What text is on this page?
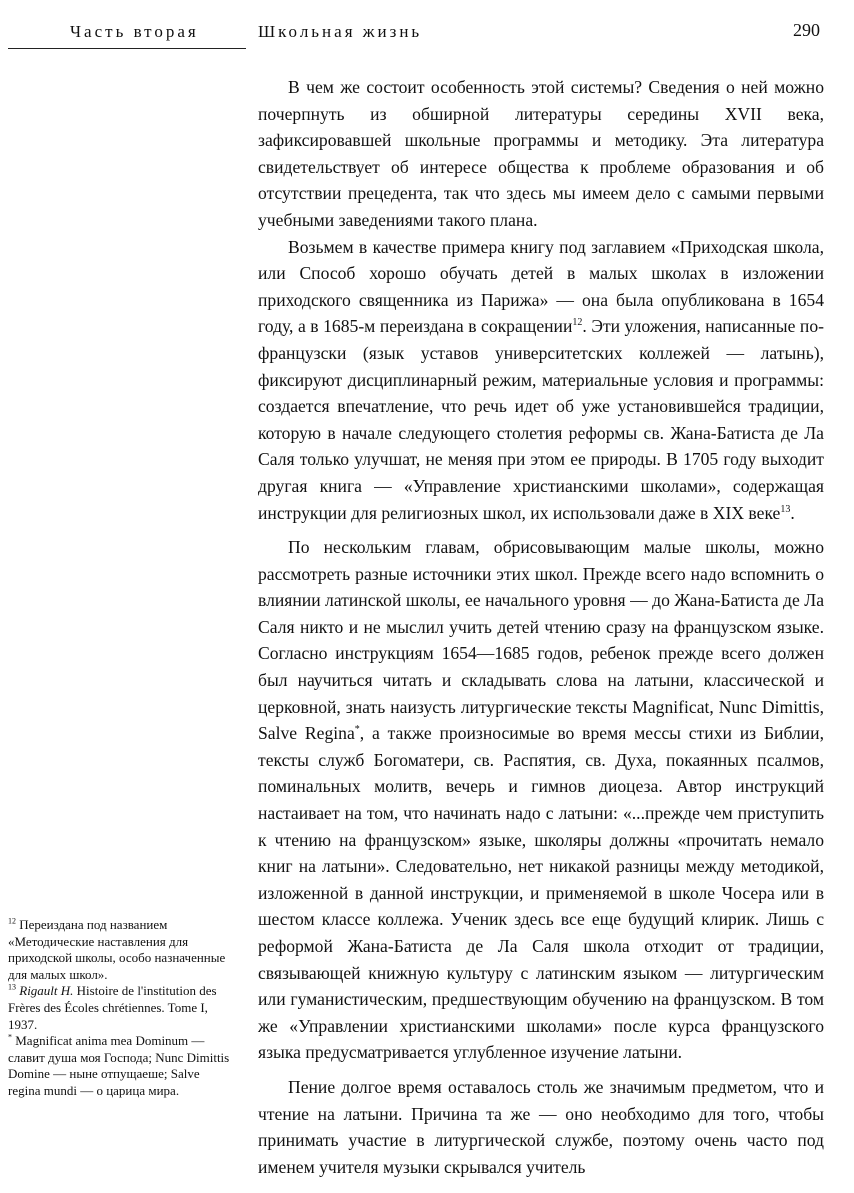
Часть вторая	Школьная жизнь	290

В чем же состоит особенность этой системы? Сведения о ней можно почерпнуть из обширной литературы середины XVII века, зафиксировавшей школьные программы и методику. Эта литература свидетельствует об интересе общества к проблеме образования и об отсутствии прецедента, так что здесь мы имеем дело с самыми первыми учебными заведениями такого плана.

Возьмем в качестве примера книгу под заглавием «Приходская школа, или Способ хорошо обучать детей в малых школах в изложении приходского священника из Парижа» — она была опубликована в 1654 году, а в 1685-м переиздана в сокращении$^{12}$. Эти уложения, написанные по-французски (язык уставов университетских коллежей — латынь), фиксируют дисциплинарный режим, материальные условия и программы: создается впечатление, что речь идет об уже установившейся традиции, которую в начале следующего столетия реформы св. Жана-Батиста де Ла Саля только улучшат, не меняя при этом ее природы. В 1705 году выходит другая книга — «Управление христианскими школами», содержащая инструкции для религиозных школ, их использовали даже в XIX веке$^{13}$.

По нескольким главам, обрисовывающим малые школы, можно рассмотреть разные источники этих школ. Прежде всего надо вспомнить о влиянии латинской школы, ее начального уровня — до Жана-Батиста де Ла Саля никто и не мыслил учить детей чтению сразу на французском языке. Согласно инструкциям 1654—1685 годов, ребенок прежде всего должен был научиться читать и складывать слова на латыни, классической и церковной, знать наизусть литургические тексты Magnificat, Nunc Dimittis, Salve Regina*, а также произносимые во время мессы стихи из Библии, тексты служб Богоматери, св. Распятия, св. Духа, покаянных псалмов, поминальных молитв, вечерь и гимнов диоцеза. Автор инструкций настаивает на том, что начинать надо с латыни: «...прежде чем приступить к чтению на французском» языке, школяры должны «прочитать немало книг на латыни». Следовательно, нет никакой разницы между методикой, изложенной в данной инструкции, и применяемой в школе Чосера или в шестом классе коллежа. Ученик здесь все еще будущий клирик. Лишь с реформой Жана-Батиста де Ла Саля школа отходит от традиции, связывающей книжную культуру с латинским языком — литургическим или гуманистическим, предшествующим обучению на французском. В том же «Управлении христианскими школами» после курса французского языка предусматривается углубленное изучение латыни.

Пение долгое время оставалось столь же значимым предметом, что и чтение на латыни. Причина та же — оно необходимо для того, чтобы принимать участие в литургической службе, поэтому очень часто под именем учителя музыки скрывался учитель

$^{12}$ Переиздана под названием «Методические наставления для приходской школы, особо назначенные для малых школ».

$^{13}$ Rigault H. Histoire de l'institution des Frères des Écoles chrétiennes. Tome I, 1937.

* Magnificat anima mea Dominum — славит душа моя Господа; Nunc Dimittis Domine — ныне отпущаеше; Salve regina mundi — о царица мира.
